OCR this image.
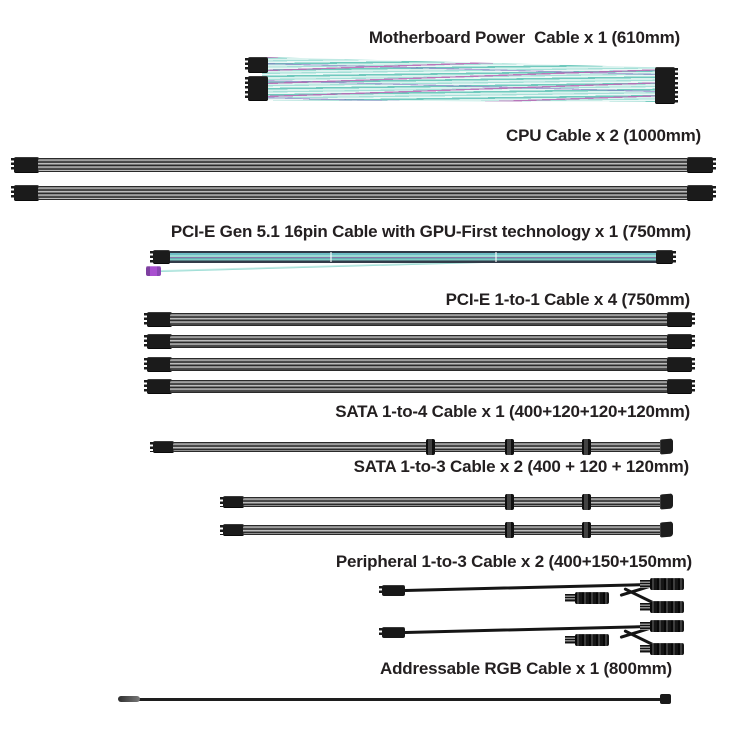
Motherboard Power  Cable x 1 (610mm)
CPU Cable x 2 (1000mm)
PCI-E Gen 5.1 16pin Cable with GPU-First technology x 1 (750mm)
PCI-E 1-to-1 Cable x 4 (750mm)
SATA 1-to-4 Cable x 1 (400+120+120+120mm)
SATA 1-to-3 Cable x 2 (400 + 120 + 120mm)
Peripheral 1-to-3 Cable x 2 (400+150+150mm)
Addressable RGB Cable x 1 (800mm)
